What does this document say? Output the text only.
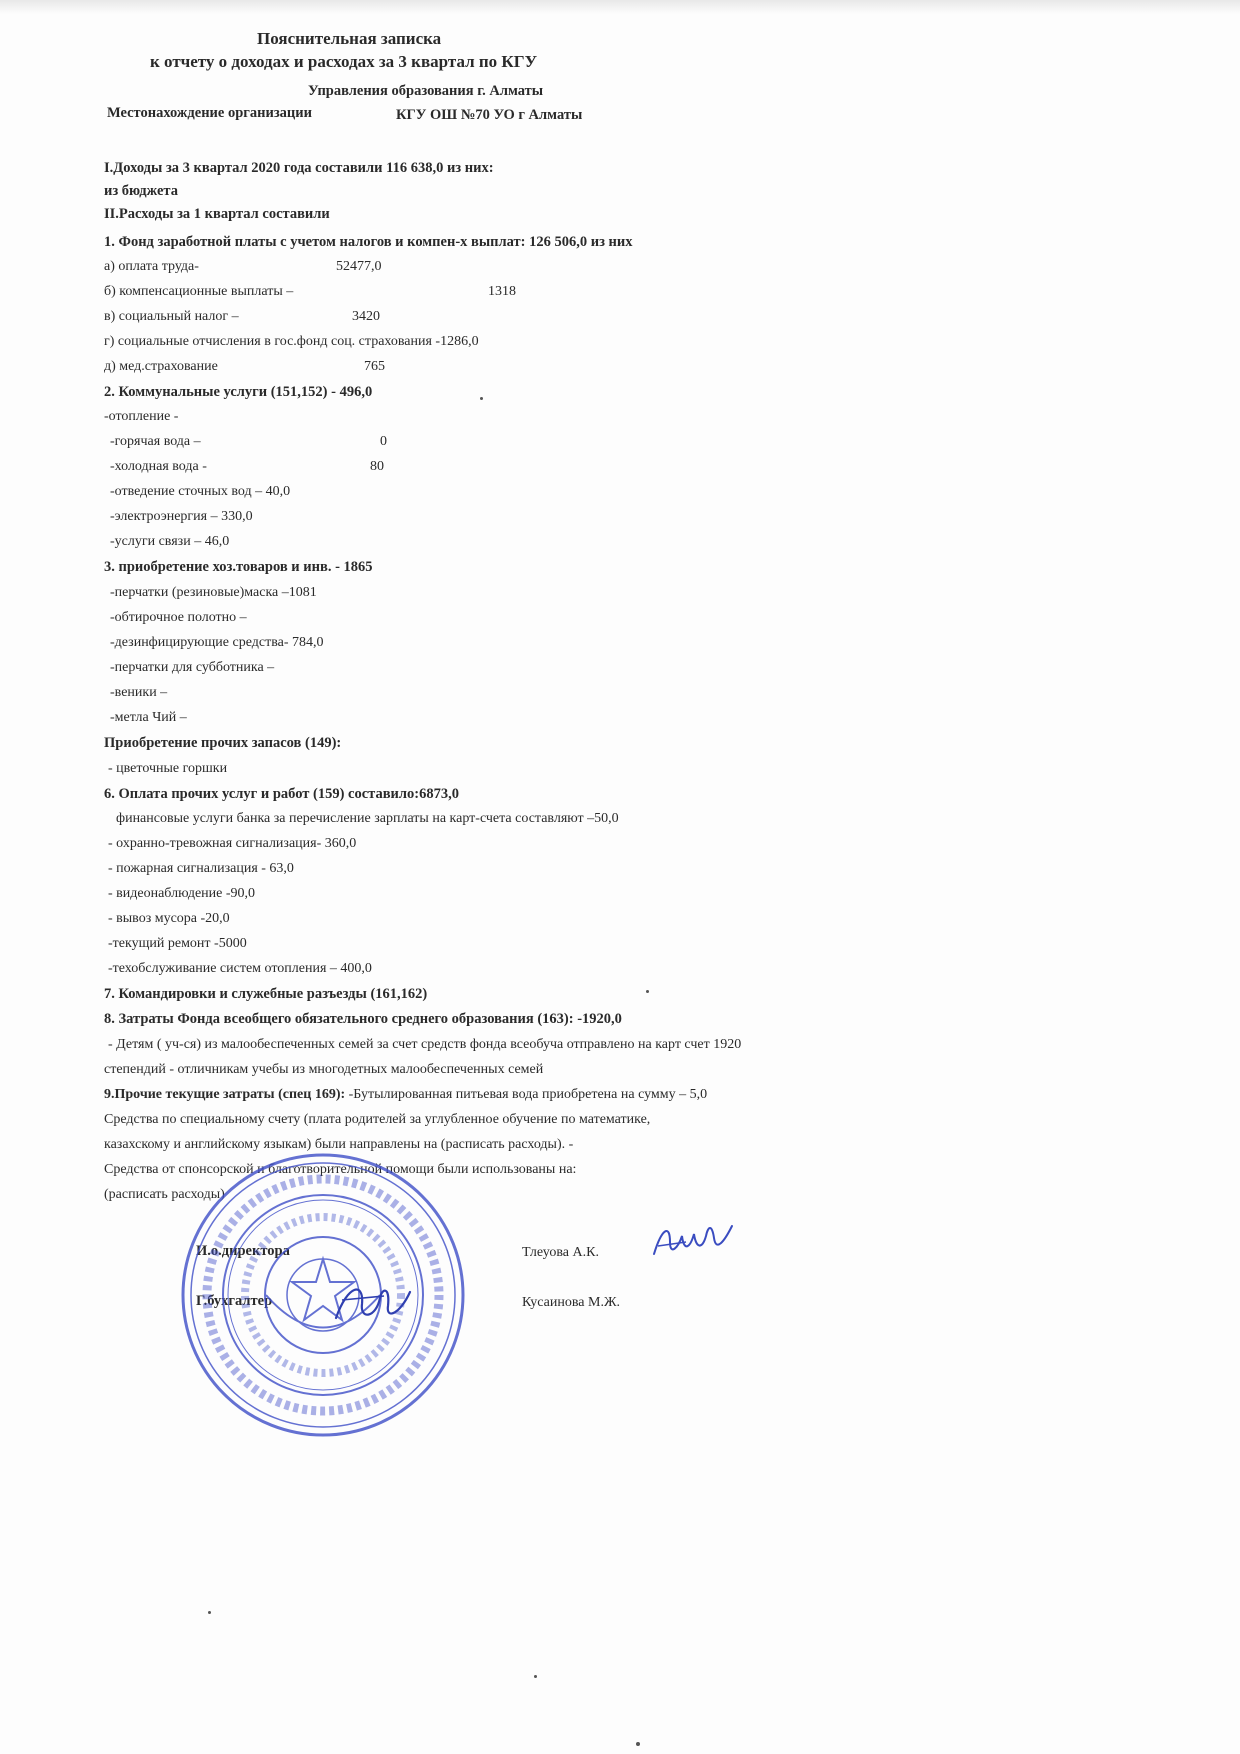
Пояснительная записка
к отчету о доходах и расходах за 3 квартал по КГУ
Управления образования г. Алматы
Местонахождение организации	КГУ ОШ №70 УО г Алматы
I.Доходы за 3 квартал 2020 года составили 116 638,0 из них:
из бюджета
II.Расходы за 1 квартал составили
1. Фонд заработной платы с учетом налогов и компен-х выплат: 126 506,0 из них
а) оплата труда-	52477,0
б) компенсационные выплаты –	1318
в) социальный налог –	3420
г) социальные отчисления в гос.фонд соц. страхования -1286,0
д) мед.страхование	765
2. Коммунальные услуги (151,152) - 496,0
-отопление -
-горячая вода –	0
-холодная вода -	80
-отведение сточных вод – 40,0
-электроэнергия – 330,0
-услуги связи – 46,0
3. приобретение хоз.товаров и инв. - 1865
-перчатки (резиновые)маска –1081
-обтирочное полотно –
-дезинфицирующие средства- 784,0
-перчатки для субботника –
-веники –
-метла Чий –
Приобретение прочих запасов (149):
- цветочные горшки
6. Оплата прочих услуг и работ (159) составило:6873,0
финансовые услуги банка за перечисление зарплаты на карт-счета составляют –50,0
- охранно-тревожная сигнализация- 360,0
- пожарная сигнализация - 63,0
- видеонаблюдение -90,0
- вывоз мусора -20,0
-текущий ремонт -5000
-техобслуживание систем отопления – 400,0
7. Командировки и служебные разъезды (161,162)
8. Затраты Фонда всеобщего обязательного среднего образования (163): -1920,0
- Детям ( уч-ся) из малообеспеченных семей за счет средств фонда всеобуча отправлено на карт счет 1920
степендий - отличникам учебы из многодетных малообеспеченных семей
9.Прочие текущие затраты (спец 169): -Бутылированная питьевая вода приобретена на сумму – 5,0
Средства по специальному счету (плата родителей за углубленное обучение по математике,
казахскому и английскому языкам) были направлены на (расписать расходы). -
Средства от спонсорской и благотворительной помощи были использованы на:
(расписать расходы)
И.о.директора	Тлеуова А.К.
Г.бухгалтер	Кусаинова М.Ж.
